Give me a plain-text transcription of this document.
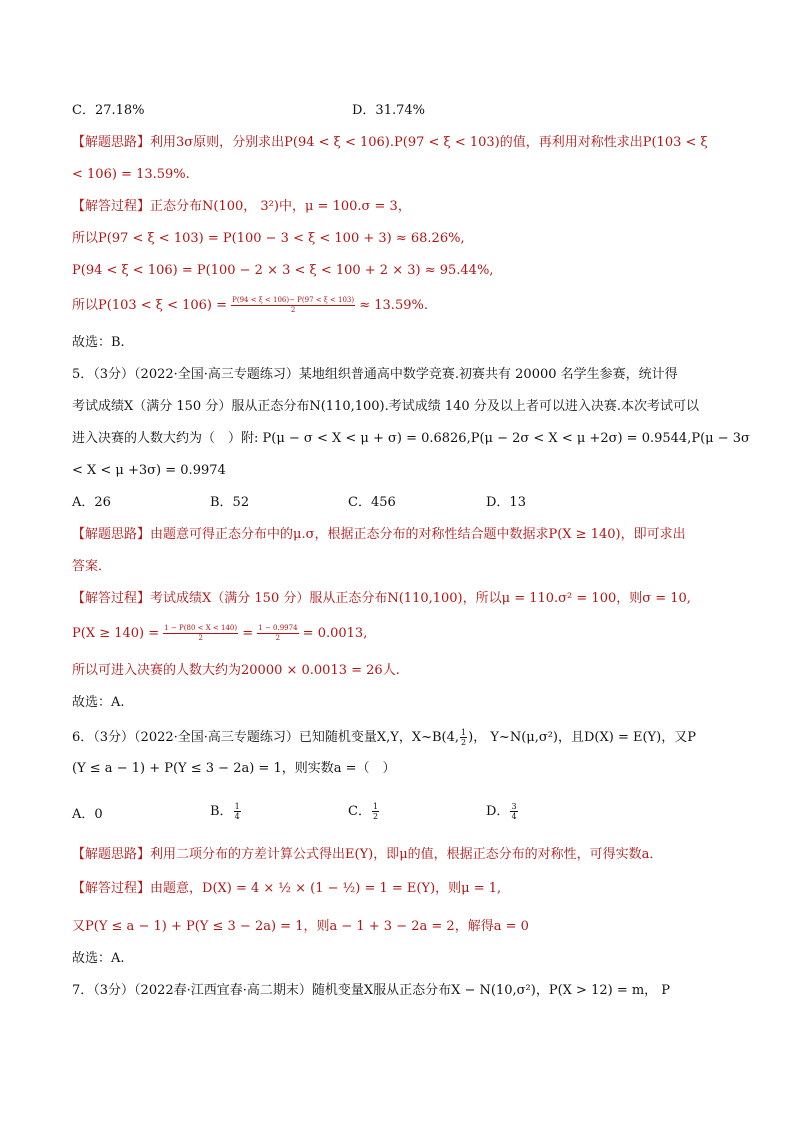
C．27.18%	D．31.74%
【解题思路】利用3σ原则，分别求出P(94 < ξ < 106).P(97 < ξ < 103)的值，再利用对称性求出P(103 < ξ
< 106) = 13.59%.
【解答过程】正态分布N(100， 3²)中，μ = 100.σ = 3，
所以P(97 < ξ < 103) = P(100 − 3 < ξ < 100 + 3) ≈ 68.26%,
P(94 < ξ < 106) = P(100 − 2 × 3 < ξ < 100 + 2 × 3) ≈ 95.44%,
所以$P(103 < \xi < 106) = \frac{P(94 < \xi < 106)- P(97 < \xi < 103)}{2} \approx 13.59\%$.
故选：B.
5．（3分）（2022·全国·高三专题练习）某地组织普通高中数学竞赛.初赛共有 20000 名学生参赛，统计得
考试成绩X（满分 150 分）服从正态分布N(110,100).考试成绩 140 分及以上者可以进入决赛.本次考试可以
进入决赛的人数大约为（　）附: P(μ − σ < X < μ + σ) = 0.6826,P(μ − 2σ < X < μ +2σ) = 0.9544,P(μ − 3σ
< X < μ +3σ) = 0.9974
A．26	B．52	C．456	D．13
【解题思路】由题意可得正态分布中的μ.σ，根据正态分布的对称性结合题中数据求P(X ≥ 140)，即可求出
答案．
【解答过程】考试成绩X（满分 150 分）服从正态分布N(110,100)，所以μ = 110.σ² = 100，则σ = 10,
$P(X \ge 140) = \frac{1 - P(80 < X < 140)}{2} = \frac{1 - 0.9974}{2} = 0.0013$,
所以可进入决赛的人数大约为20000 × 0.0013 = 26人.
故选：A.
6．（3分）（2022·全国·高三专题练习）已知随机变量X,Y，X~B(4, $\frac{1}{2}$ )， Y~N(μ,σ²)，且D(X) = E(Y)，又P
(Y ≤ a − 1) + P(Y ≤ 3 − 2a) = 1，则实数a =（　）
A．0	B． $\frac{1}{4}$	C． $\frac{1}{2}$	D． $\frac{3}{4}$
【解题思路】利用二项分布的方差计算公式得出E(Y)，即μ的值，根据正态分布的对称性，可得实数a．
【解答过程】由题意，D(X) = 4 × ½ × (1 − ½) = 1 = E(Y)，则μ = 1,
又P(Y ≤ a − 1) + P(Y ≤ 3 − 2a) = 1，则a − 1 + 3 − 2a = 2，解得a = 0
故选：A.
7．（3分）（2022春·江西宜春·高二期末）随机变量X服从正态分布X − N(10,σ²)，P(X > 12) = m， P
